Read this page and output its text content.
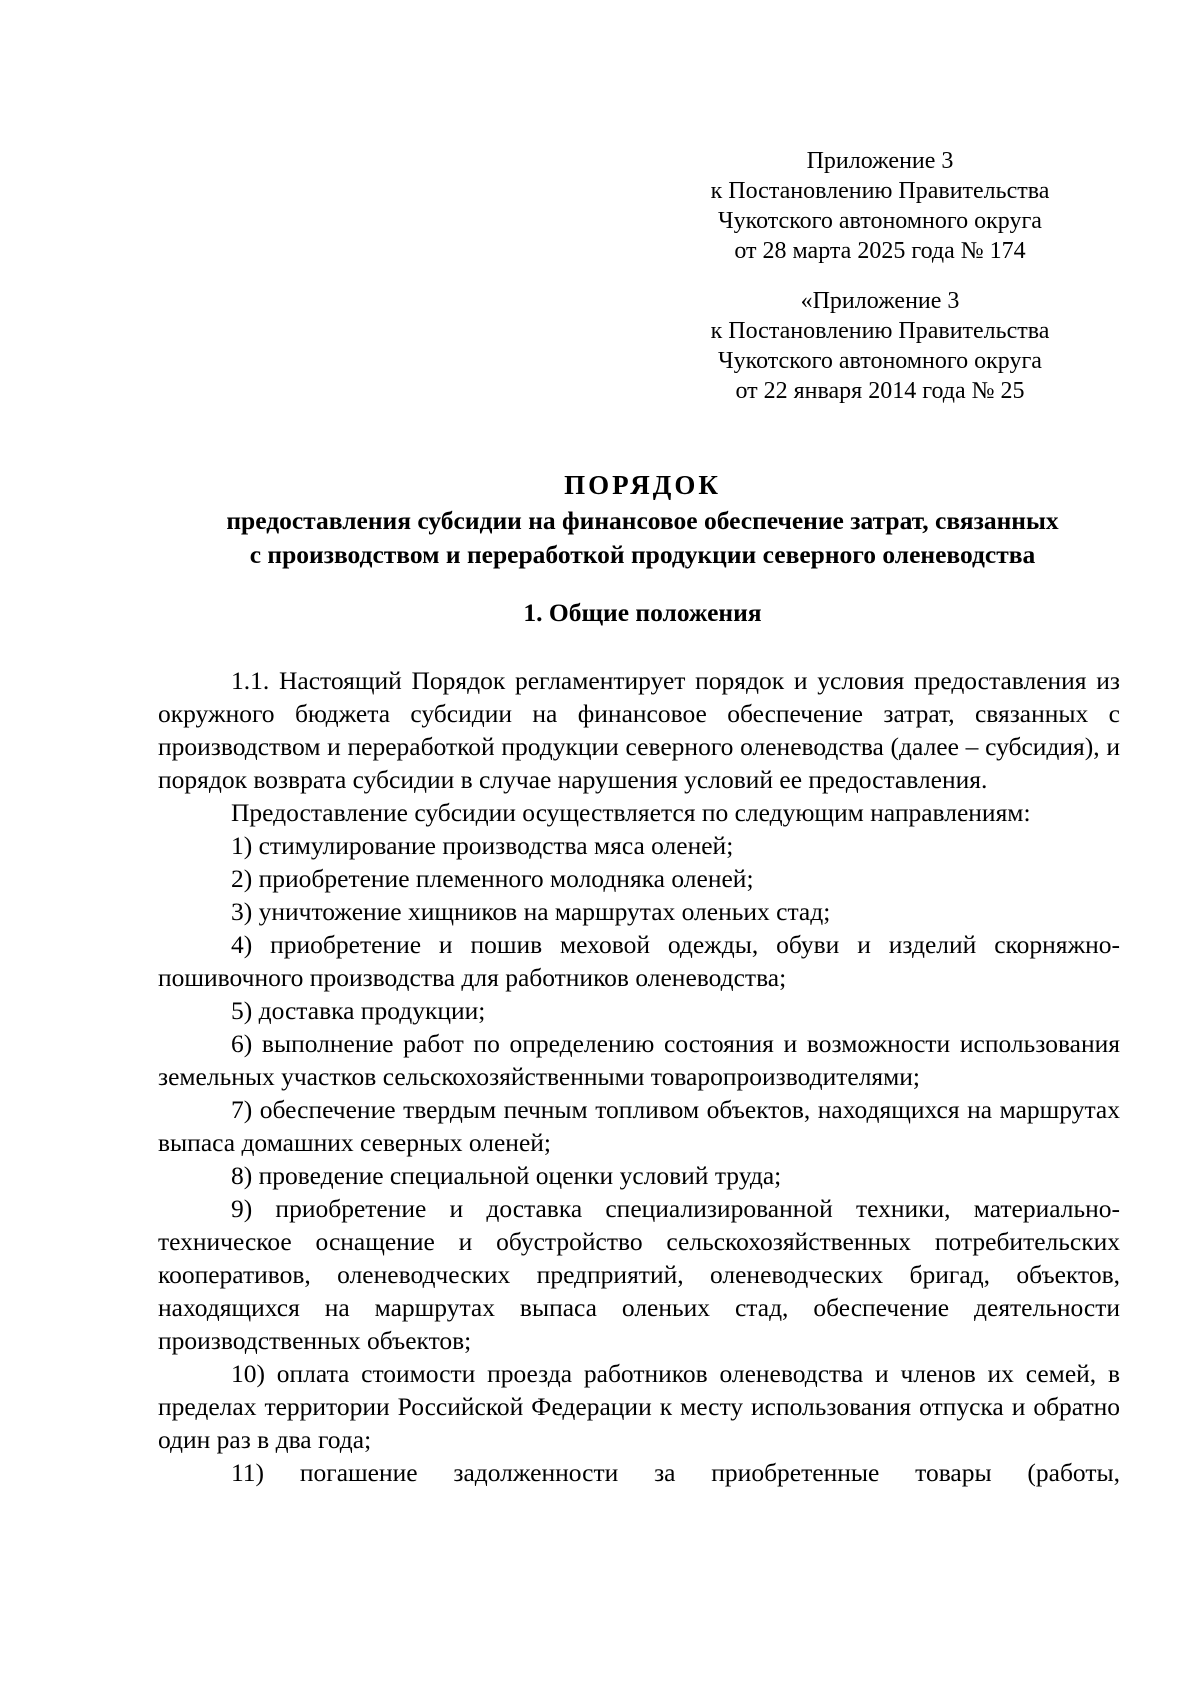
Приложение 3
к Постановлению Правительства
Чукотского автономного округа
от 28 марта 2025 года № 174
«Приложение 3
к Постановлению Правительства
Чукотского автономного округа
от 22 января 2014 года № 25
ПОРЯДОК
предоставления субсидии на финансовое обеспечение затрат, связанных
с производством и переработкой продукции северного оленеводства
1. Общие положения

1.1. Настоящий Порядок регламентирует порядок и условия предоставления из окружного бюджета субсидии на финансовое обеспечение затрат, связанных с производством и переработкой продукции северного оленеводства (далее – субсидия), и порядок возврата субсидии в случае нарушения условий ее предоставления.

Предоставление субсидии осуществляется по следующим направлениям:

1) стимулирование производства мяса оленей;

2) приобретение племенного молодняка оленей;

3) уничтожение хищников на маршрутах оленьих стад;

4) приобретение и пошив меховой одежды, обуви и изделий скорняжно-пошивочного производства для работников оленеводства;

5) доставка продукции;

6) выполнение работ по определению состояния и возможности использования земельных участков сельскохозяйственными товаропроизводителями;

7) обеспечение твердым печным топливом объектов, находящихся на маршрутах выпаса домашних северных оленей;

8) проведение специальной оценки условий труда;

9) приобретение и доставка специализированной техники, материально-техническое оснащение и обустройство сельскохозяйственных потребительских кооперативов, оленеводческих предприятий, оленеводческих бригад, объектов, находящихся на маршрутах выпаса оленьих стад, обеспечение деятельности производственных объектов;

10) оплата стоимости проезда работников оленеводства и членов их семей, в пределах территории Российской Федерации к месту использования отпуска и обратно один раз в два года;

11) погашение задолженности за приобретенные товары (работы,
